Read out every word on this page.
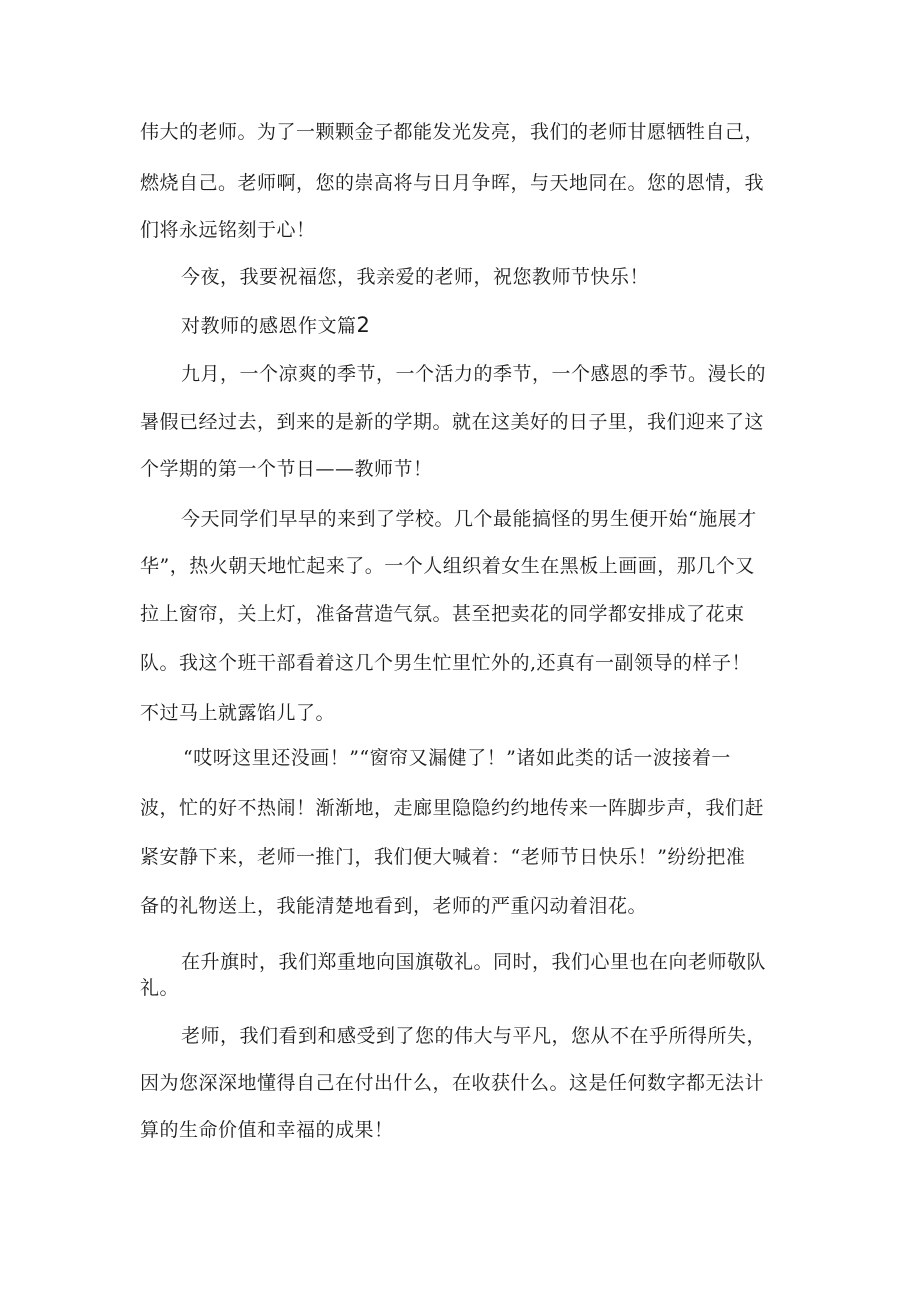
伟大的老师。为了一颗颗金子都能发光发亮，我们的老师甘愿牺牲自己，
燃烧自己。老师啊，您的崇高将与日月争晖，与天地同在。您的恩情，我
们将永远铭刻于心！
今夜，我要祝福您，我亲爱的老师，祝您教师节快乐！
对教师的感恩作文篇2
九月，一个凉爽的季节，一个活力的季节，一个感恩的季节。漫长的
暑假已经过去，到来的是新的学期。就在这美好的日子里，我们迎来了这
个学期的第一个节日——教师节！
今天同学们早早的来到了学校。几个最能搞怪的男生便开始“施展才
华”，热火朝天地忙起来了。一个人组织着女生在黑板上画画，那几个又
拉上窗帘，关上灯，准备营造气氛。甚至把卖花的同学都安排成了花束
队。我这个班干部看着这几个男生忙里忙外的,还真有一副领导的样子！
不过马上就露馅儿了。
“哎呀这里还没画！”“窗帘又漏健了！”诸如此类的话一波接着一
波，忙的好不热闹！渐渐地，走廊里隐隐约约地传来一阵脚步声，我们赶
紧安静下来，老师一推门，我们便大喊着：“老师节日快乐！”纷纷把准
备的礼物送上，我能清楚地看到，老师的严重闪动着泪花。
在升旗时，我们郑重地向国旗敬礼。同时，我们心里也在向老师敬队
礼。
老师，我们看到和感受到了您的伟大与平凡，您从不在乎所得所失，
因为您深深地懂得自己在付出什么，在收获什么。这是任何数字都无法计
算的生命价值和幸福的成果！
